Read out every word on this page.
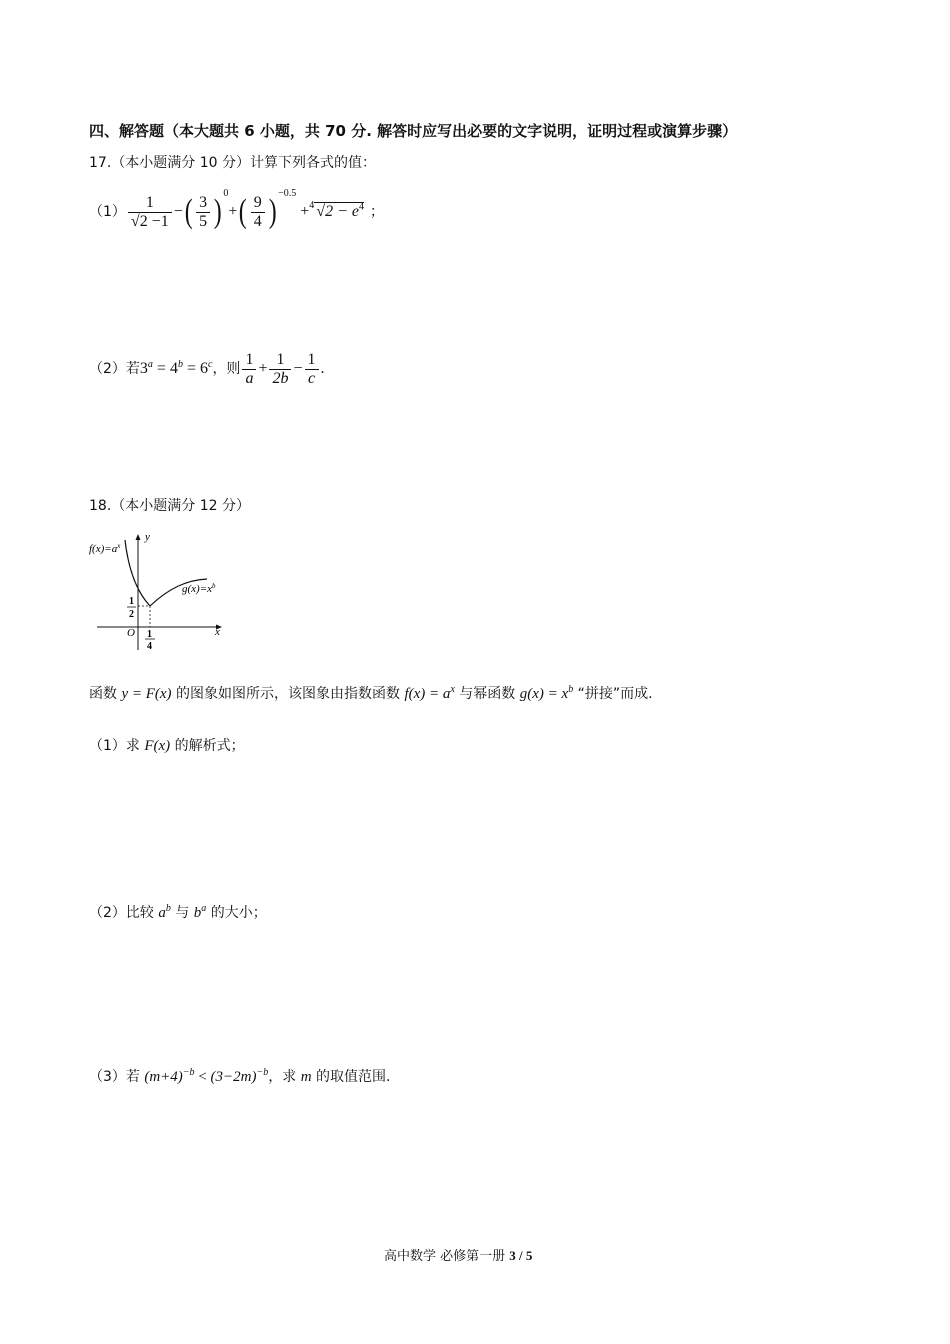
四、解答题（本大题共 6 小题，共 70 分. 解答时应写出必要的文字说明，证明过程或演算步骤）
17.（本小题满分 10 分）计算下列各式的值：
$(1) \frac{1}{√2 -1}$ −( $\frac{3}{5}$ ) $^0+( \frac{9}{4}$ ) $^{-0.5}$+$^4$ $√2 - e^4$ ；
（2）若$3^a = 4^b = 6^c$，则 $\frac{1}{a} + \frac{1}{2b} - \frac{1}{c}$ .
18.（本小题满分 12 分）
$f(x)=a^x$
$g(x)=x^b$
y
x
O
1
2
1
4
函数 y = F(x) 的图象如图所示，该图象由指数函数 $f(x) = a^x$ 与幂函数 $g(x) = x^b$ “拼接”而成.
（1）求 F(x) 的解析式；
（2）比较 $a^b$ 与 $b^a$ 的大小；
（3）若 $(m+4)^{-b} < (3-2m)^{-b}$，求 m 的取值范围.
高中数学 必修第一册 3 / 5
